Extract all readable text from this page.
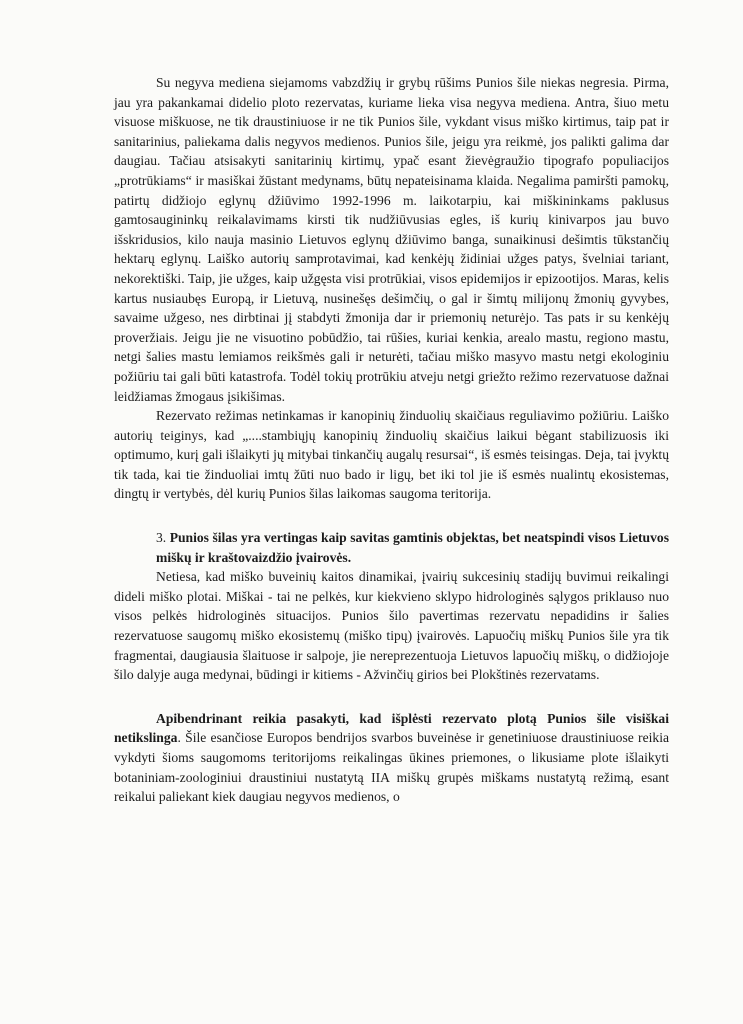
Su negyva mediena siejamoms vabzdžių ir grybų rūšims Punios šile niekas negresia. Pirma, jau yra pakankamai didelio ploto rezervatas, kuriame lieka visa negyva mediena. Antra, šiuo metu visuose miškuose, ne tik draustiniuose ir ne tik Punios šile, vykdant visus miško kirtimus, taip pat ir sanitarinius, paliekama dalis negyvos medienos. Punios šile, jeigu yra reikmė, jos palikti galima dar daugiau. Tačiau atsisakyti sanitarinių kirtimų, ypač esant žievėgraužio tipografo populiacijos „protrūkiams“ ir masiškai žūstant medynams, būtų nepateisinama klaida. Negalima pamiršti pamokų, patirtų didžiojo eglynų džiūvimo 1992-1996 m. laikotarpiu, kai miškininkams paklusus gamtosaugininkų reikalavimams kirsti tik nudžiūvusias egles, iš kurių kinivarpos jau buvo išskridusios, kilo nauja masinio Lietuvos eglynų džiūvimo banga, sunaikinusi dešimtis tūkstančių hektarų eglynų. Laiško autorių samprotavimai, kad kenkėjų židiniai užges patys, švelniai tariant, nekorektiški. Taip, jie užges, kaip užgęsta visi protrūkiai, visos epidemijos ir epizootijos. Maras, kelis kartus nusiaubęs Europą, ir Lietuvą, nusinešęs dešimčių, o gal ir šimtų milijonų žmonių gyvybes, savaime užgeso, nes dirbtinai jį stabdyti žmonija dar ir priemonių neturėjo. Tas pats ir su kenkėjų proveržiais. Jeigu jie ne visuotino pobūdžio, tai rūšies, kuriai kenkia, arealo mastu, regiono mastu, netgi šalies mastu lemiamos reikšmės gali ir neturėti, tačiau miško masyvo mastu netgi ekologiniu požiūriu tai gali būti katastrofa. Todėl tokių protrūkiu atveju netgi griežto režimo rezervatuose dažnai leidžiamas žmogaus įsikišimas.

Rezervato režimas netinkamas ir kanopinių žinduolių skaičiaus reguliavimo požiūriu. Laiško autorių teiginys, kad „....stambiųjų kanopinių žinduolių skaičius laikui bėgant stabilizuosis iki optimumo, kurį gali išlaikyti jų mitybai tinkančių augalų resursai“, iš esmės teisingas. Deja, tai įvyktų tik tada, kai tie žinduoliai imtų žūti nuo bado ir ligų, bet iki tol jie iš esmės nualintų ekosistemas, dingtų ir vertybės, dėl kurių Punios šilas laikomas saugoma teritorija.

3. Punios šilas yra vertingas kaip savitas gamtinis objektas, bet neatspindi visos Lietuvos miškų ir kraštovaizdžio įvairovės.

Netiesa, kad miško buveinių kaitos dinamikai, įvairių sukcesinių stadijų buvimui reikalingi dideli miško plotai. Miškai - tai ne pelkės, kur kiekvieno sklypo hidrologinės sąlygos priklauso nuo visos pelkės hidrologinės situacijos. Punios šilo pavertimas rezervatu nepadidins ir šalies rezervatuose saugomų miško ekosistemų (miško tipų) įvairovės. Lapuočių miškų Punios šile yra tik fragmentai, daugiausia šlaituose ir salpoje, jie nereprezentuoja Lietuvos lapuočių miškų, o didžiojoje šilo dalyje auga medynai, būdingi ir kitiems - Ažvinčių girios bei Plokštinės rezervatams.

Apibendrinant reikia pasakyti, kad išplėsti rezervato plotą Punios šile visiškai netikslinga. Šile esančiose Europos bendrijos svarbos buveinėse ir genetiniuose draustiniuose reikia vykdyti šioms saugomoms teritorijoms reikalingas ūkines priemones, o likusiame plote išlaikyti botaniniam-zoologiniui draustiniui nustatytą IIA miškų grupės miškams nustatytą režimą, esant reikalui paliekant kiek daugiau negyvos medienos, o
